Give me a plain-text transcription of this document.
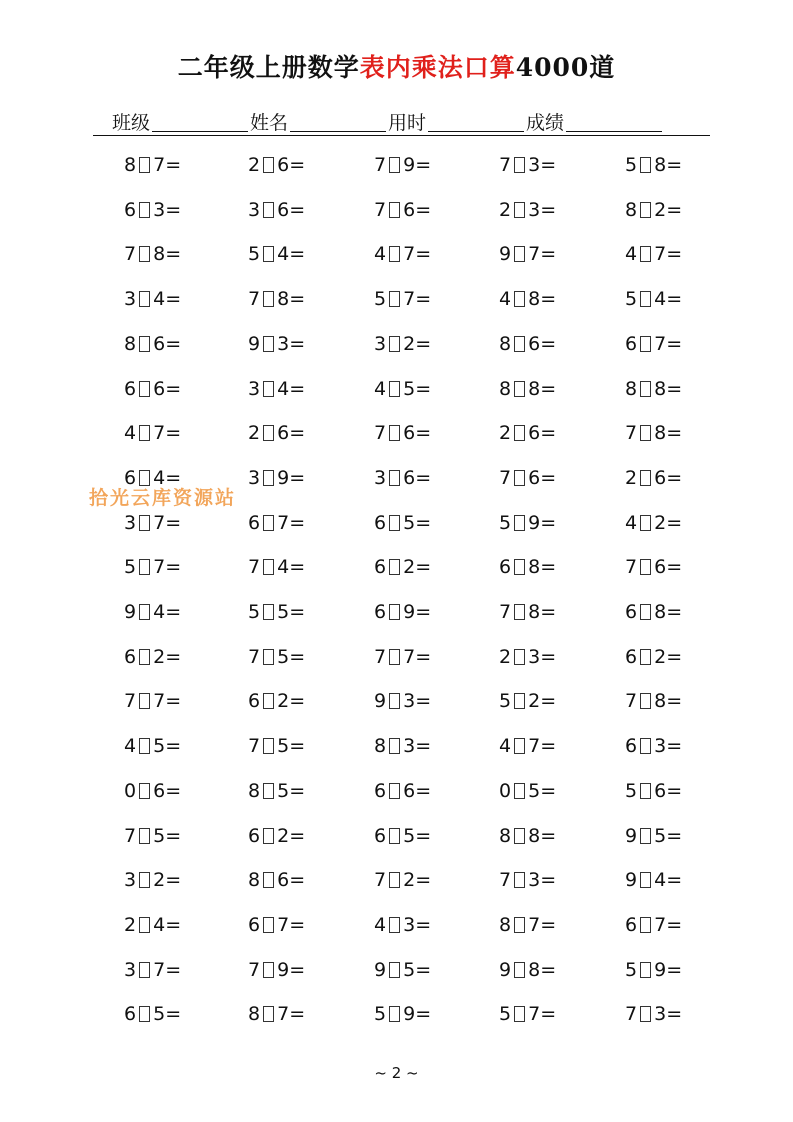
二年级上册数学表内乘法口算4000道
班级	姓名	用时	成绩
8 7 =	2 6 =	7 9 =	7 3 =	5 8 =
6 3 =	3 6 =	7 6 =	2 3 =	8 2 =
7 8 =	5 4 =	4 7 =	9 7 =	4 7 =
3 4 =	7 8 =	5 7 =	4 8 =	5 4 =
8 6 =	9 3 =	3 2 =	8 6 =	6 7 =
6 6 =	3 4 =	4 5 =	8 8 =	8 8 =
4 7 =	2 6 =	7 6 =	2 6 =	7 8 =
6 4 =	3 9 =	3 6 =	7 6 =	2 6 =
3 7 =	6 7 =	6 5 =	5 9 =	4 2 =
5 7 =	7 4 =	6 2 =	6 8 =	7 6 =
9 4 =	5 5 =	6 9 =	7 8 =	6 8 =
6 2 =	7 5 =	7 7 =	2 3 =	6 2 =
7 7 =	6 2 =	9 3 =	5 2 =	7 8 =
4 5 =	7 5 =	8 3 =	4 7 =	6 3 =
0 6 =	8 5 =	6 6 =	0 5 =	5 6 =
7 5 =	6 2 =	6 5 =	8 8 =	9 5 =
3 2 =	8 6 =	7 2 =	7 3 =	9 4 =
2 4 =	6 7 =	4 3 =	8 7 =	6 7 =
3 7 =	7 9 =	9 5 =	9 8 =	5 9 =
6 5 =	8 7 =	5 9 =	5 7 =	7 3 =
拾光云库资源站
~ 2 ~
